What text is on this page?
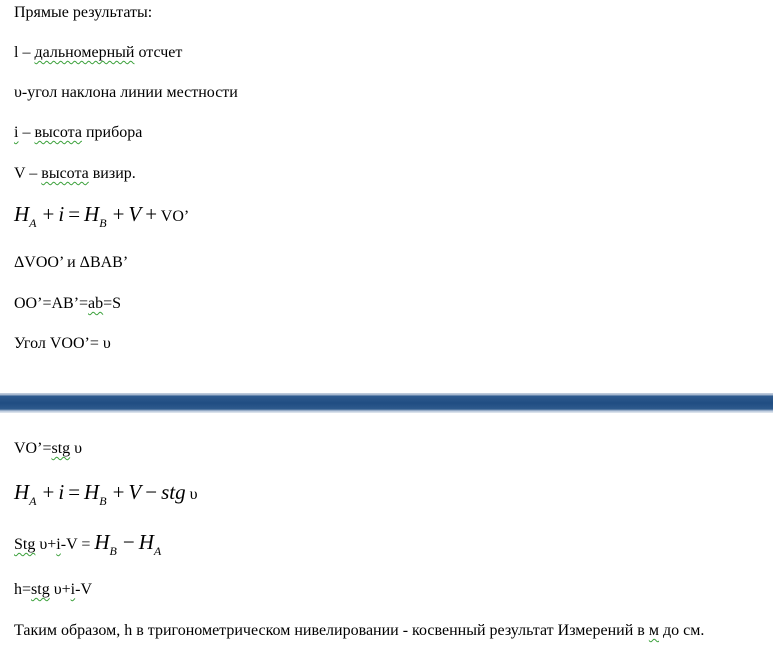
Прямые результаты:
l – дальномерный отсчет
υ-угол наклона линии местности
i – высота прибора
V – высота визир.
$H_A + i = H_B + V$ + VO’
ΔVOO’ и ΔBAB’
OO’=AB’=ab=S
Угол VOO’= υ
VO’=stg υ
$H_A + i = H_B + V$ − stg υ
Stg $\upsilon+i-V = H_B - H_A$
h=stg υ+i-V
Таким образом, h в тригонометрическом нивелировании - косвенный результат Измерений в м до см.
